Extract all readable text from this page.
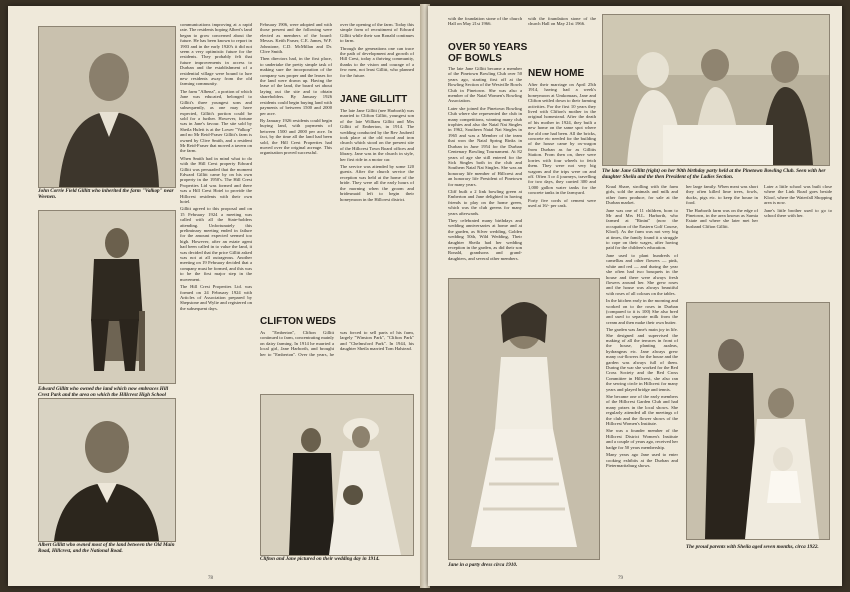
John Corrie Field Gillitt who inherited the farm "Valkop" near Weenen.
Edward Gillitt who owned the land which now embraces Hill Crest Park and the area on which the Hillcrest High School
Albert Gillitt who owned most of the land between the Old Main Road, Hillcrest, and the National Road.

communications improving at a rapid rate. The residents hoping Albert's land began to grow concerned about the future. He has been known to report in 1903 and in the early 1920's it did not seem a very optimistic future for the residents. They probably felt that future improvements in access to Durban and the establishment of a residential village were bound to lure new residents away from the old farming community.

The farm "Albena", a portion of which Jane was educated, belonged to Gillitt's three youngest sons and subsequently, as one may have expected, Gillitt's portion could be sold for a further. However, fortune was in Jane's favour. The site sold by Sheila Hulett is at the Lower "Valkop" and no Mr Reid-Fraser Gillitt's farm is owned by Clive Smith, and a resident Mr Reid-Fraser that moved a tavern on the farm.

When Smith had in mind what to do with the Hill Crest property Edward Gillitt was persuaded that the moment Edward Gillitt came by on his own property in the 1950's. The Hill Crest Properties Ltd was formed and there was a Hill Crest Hotel to provide the Hillcrest residents with their own hotel.

Gillitt agreed to this proposal and on 15 February 1924 a meeting was called with all the State-holders attending. Unfortunately this preliminary meeting ended in failure for the amount expected seemed too high. However, after an estate agent had been called in to value the land, it was decided that the price Gillitt asked was not at all outrageous. Another meeting on 19 February decided that a company must be formed, and this was to be the first major step in the movement.

The Hill Crest Properties Ltd. was formed on 24 February 1924 with Articles of Association prepared by Shepstone and Wylie and registered on the subsequent days.

February 1906, were adopted and with those present and the following were elected as members of the board: Messrs. Keith Fraser, C.E. James, W.F. Johnstone, C.D. McMillan and Dr. Clive Smith.

Then directors had, in the first place, to undertake the pretty simple task of making sure the incorporation of the company was proper and the leases for the land were drawn up. Having the lease of the land, the board set about laying out the site and to obtain shareholders. By January 1926 residents could begin buying land with payments of between 1500 and 2000 per acre.

By January 1926 residents could begin buying land, with payments of between 1500 and 2000 per acre. In fact, by the time all the land had been sold, the Hill Crest Properties had moved over the original acreage. This organisation proved successful.

over the opening of the farm. Today this simple form of recruitment of Edward Gillitt while their son Ronald continues to farm.

Through the generations one can trace the path of development and growth of Hill Crest, today a thriving community, thanks to the vision and courage of a few men, not least Gillitt, who planned for the future.

JANE GILLITT

The late Jane Gillitt (nee Harborth) was married to Clifton Gillitt, youngest son of the late William Gillitt and Mrs Gillitt of Emberton, in 1914. The wedding conducted by the Rev Joubertl took place at the old wood and iron church which stood on the present site of the Hillcrest Town Board offices and library. Jane was in the church in style, her first ride in a motor car.

The service was attended by some 120 guests. After the church service the reception was held at the home of the bride. They were all the early hours of the morning when the groom and bridesmaid left to begin their honeymoon in the Hillcrest district.

CLIFTON WEDS

As "Emberton", Clifton Gillitt continued to farm, concentrating mainly on dairy farming. In 1914 he married a local girl, Jane Harborth, and brought her to "Emberton". Over the years, he was forced to sell parts of his farm, largely "Winston Park", "Clifton Park" and "Chelmsford Park". In 1944, his daughter Sheila married Tom Halstead.

Clifton and Jane pictured on their wedding day in 1914.
78

with the foundation stone of the church Hall on May 21st 1966.

OVER 50 YEARS OF BOWLS

The late Jane Gillitt became a member of the Pinetown Bowling Club over 50 years ago, starting first off at the Bowling Section of the Westville Bowls Club in Pinetown. She was also a member of the Natal Women's Bowling Association.

Later she joined the Pinetown Bowling Club where she represented the club in many competitions, winning many club trophies and also the Natal Nat Singles in 1962, Southern Natal Nat Singles in 1965 and was a Member of the team that won the Natal Spring Rinks in Durban in June 1954 for the Durban Centenary Bowling Tournament. At 82 years of age she still entered for the Sick Singles both in the club and Southern Natal Nat Singles. She was an honorary life member of Hillcrest and an honorary life President of Pinetown for many years.

Cliff built a 2 link bowling green at Emberton and Jane delighted in having friends to play on the home green, which was the club greens for many years afterwards.

They celebrated many birthdays and wedding anniversaries at home and at the garden, as Silver wedding, Golden wedding 50th, Wild Wedding, Their daughter Sheila had her wedding reception in the garden, as did their son Ronald, grandsons and grand-daughters, and several other members.

with the foundation stone of the church Hall on May 21st 1966.

NEW HOME

After their marriage on April 25th 1914, having had a week's honeymoon at Umkomaas, Jane and Clifton settled down to their farming activities. For the first 10 years they lived with Clifton's mother in the original homestead. After the death of his mother in 1924, they built a new home on the same spot where the old one had been. All the bricks, concrete etc needed for the building of the house came by ox-wagon from Durban as far as Gillitts Station. From then on, there were lorries with four wheels to fetch them. They were not very big wagons and the trips were on and off. Often 3 or 4 journeys, travelling for two days, they carried 300 and 1,000 gallon water tanks for the concrete tanks in the farmyard.

Forty five cords of cement were used at 16/- per cask.

The late Jane Gillitt (right) on her 90th birthday party held at the Pinetown Bowling Club. Seen with her daughter Sheila and the then President of the Ladies Section.
Jane in a party dress circa 1910.

Kraal Share, strolling with the farm girls, sold the animals and milk and other farm produce, for sale at the Durban market.

Jane was one of 11 children, born to Mr and Mrs H.L. Harborth, who farmed at "Rinini" (now the occupation of the Eastern Golf Course, Kloof). As the farm was not very big at times, the family found it a struggle to cope on their wages, after having paid for the children's education.

Jane used to plant hundreds of camellias and other flowers — pink, white and red — and during the year she often had two bouquets in the house and there were always fresh flowers around her. She grew roses and the house was always beautiful with roses of all colours on the tables.

In the kitchen early in the morning and worked on to the roses in Durban (compared to it is 100) She also bred and used to separate milk from the cream and then make their own butter.

The garden was Jane's main joy in life. She designed and supervised the making of all the terraces in front of the house, planting azaleas, hydrangeas etc. Jane always grew many cut-flowers for the house and the garden was always full of them. During the war she worked for the Red Cross Society and the Red Cross Committee in Hillcrest, she also ran the sewing circle in Hillcrest for many years and played bridge and tennis.

She became one of the early members of the Hillcrest Garden Club and had many prizes in the local shows. She regularly attended all the meetings of the club and the flower shows of the Hillcrest Women's Institute.

She was a founder member of the Hillcrest District Women's Institute and a couple of years ago, received her badge for 50 years membership.

Many years ago Jane used to enter cooking exhibits at the Durban and Pietermaritzburg shows.

her large family. When meat was short they often killed lime trees, fowls, ducks, pigs etc. to keep the house in food.

The Harborth farm was on the edge of Pinetown, in the area known as Sarnia Estate and where she later met her husband Clifton Gillitt.

Later a little school was built close where the Link Road goes beside Kloof, where the Waterfall Shopping area is now.

Jane's little brother used to go to school there with her.

The proud parents with Sheila aged seven months, circa 1922.
79
